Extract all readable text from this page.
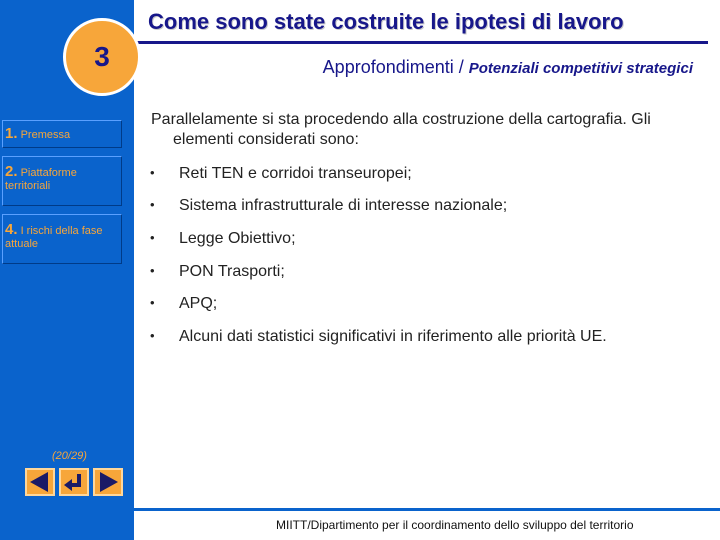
Come sono state costruite le ipotesi di lavoro
3	Approfondimenti / Potenziali competitivi strategici
1. Premessa
2. Piattaforme territoriali
4. I rischi della fase attuale
Parallelamente si sta procedendo alla costruzione della cartografia. Gli elementi considerati sono:
• Reti TEN e corridoi transeuropei;
• Sistema infrastrutturale di interesse nazionale;
• Legge Obiettivo;
• PON Trasporti;
• APQ;
• Alcuni dati statistici significativi in riferimento alle priorità UE.
(20/29)
MIITT/Dipartimento per il coordinamento dello sviluppo del territorio
